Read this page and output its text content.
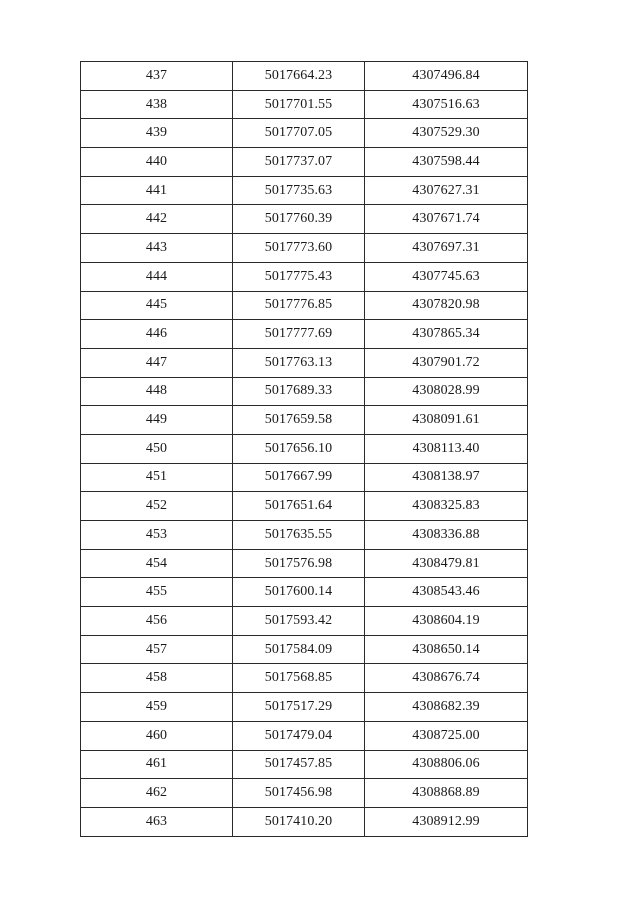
437	5017664.23	4307496.84
438	5017701.55	4307516.63
439	5017707.05	4307529.30
440	5017737.07	4307598.44
441	5017735.63	4307627.31
442	5017760.39	4307671.74
443	5017773.60	4307697.31
444	5017775.43	4307745.63
445	5017776.85	4307820.98
446	5017777.69	4307865.34
447	5017763.13	4307901.72
448	5017689.33	4308028.99
449	5017659.58	4308091.61
450	5017656.10	4308113.40
451	5017667.99	4308138.97
452	5017651.64	4308325.83
453	5017635.55	4308336.88
454	5017576.98	4308479.81
455	5017600.14	4308543.46
456	5017593.42	4308604.19
457	5017584.09	4308650.14
458	5017568.85	4308676.74
459	5017517.29	4308682.39
460	5017479.04	4308725.00
461	5017457.85	4308806.06
462	5017456.98	4308868.89
463	5017410.20	4308912.99
